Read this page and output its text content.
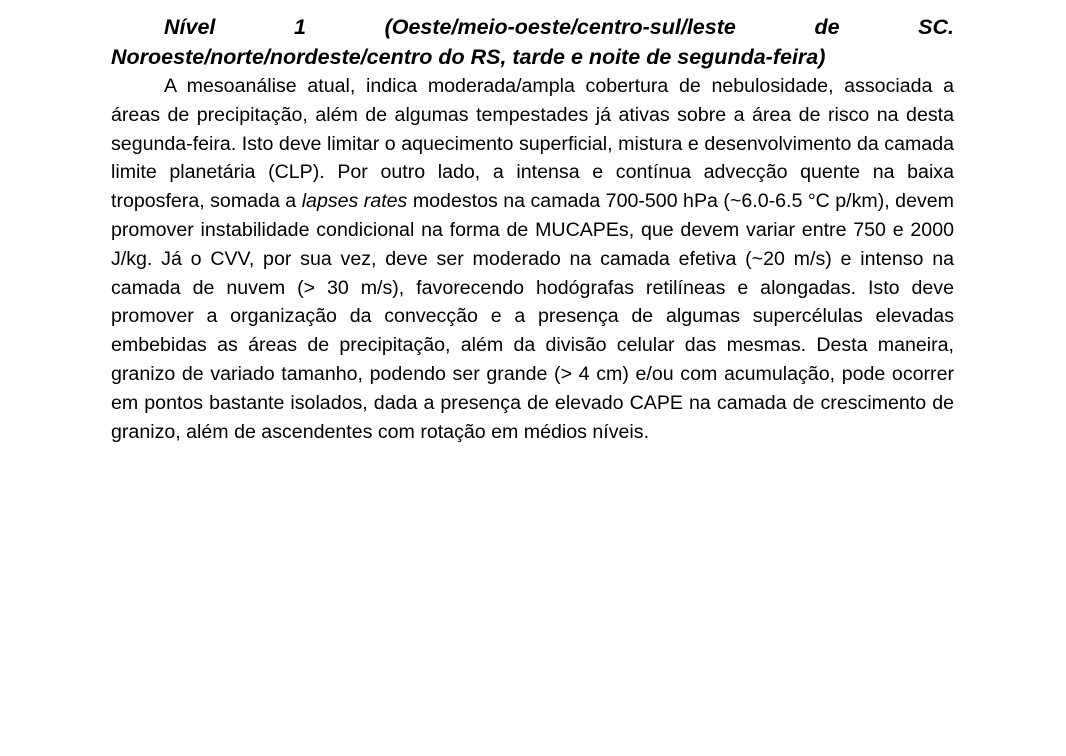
Nível 1 (Oeste/meio-oeste/centro-sul/leste de SC. Noroeste/norte/nordeste/centro do RS, tarde e noite de segunda-feira)

A mesoanálise atual, indica moderada/ampla cobertura de nebulosidade, associada a áreas de precipitação, além de algumas tempestades já ativas sobre a área de risco na desta segunda-feira. Isto deve limitar o aquecimento superficial, mistura e desenvolvimento da camada limite planetária (CLP). Por outro lado, a intensa e contínua advecção quente na baixa troposfera, somada a lapses rates modestos na camada 700-500 hPa (~6.0-6.5 °C p/km), devem promover instabilidade condicional na forma de MUCAPEs, que devem variar entre 750 e 2000 J/kg. Já o CVV, por sua vez, deve ser moderado na camada efetiva (~20 m/s) e intenso na camada de nuvem (> 30 m/s), favorecendo hodógrafas retilíneas e alongadas. Isto deve promover a organização da convecção e a presença de algumas supercélulas elevadas embebidas as áreas de precipitação, além da divisão celular das mesmas. Desta maneira, granizo de variado tamanho, podendo ser grande (> 4 cm) e/ou com acumulação, pode ocorrer em pontos bastante isolados, dada a presença de elevado CAPE na camada de crescimento de granizo, além de ascendentes com rotação em médios níveis.
